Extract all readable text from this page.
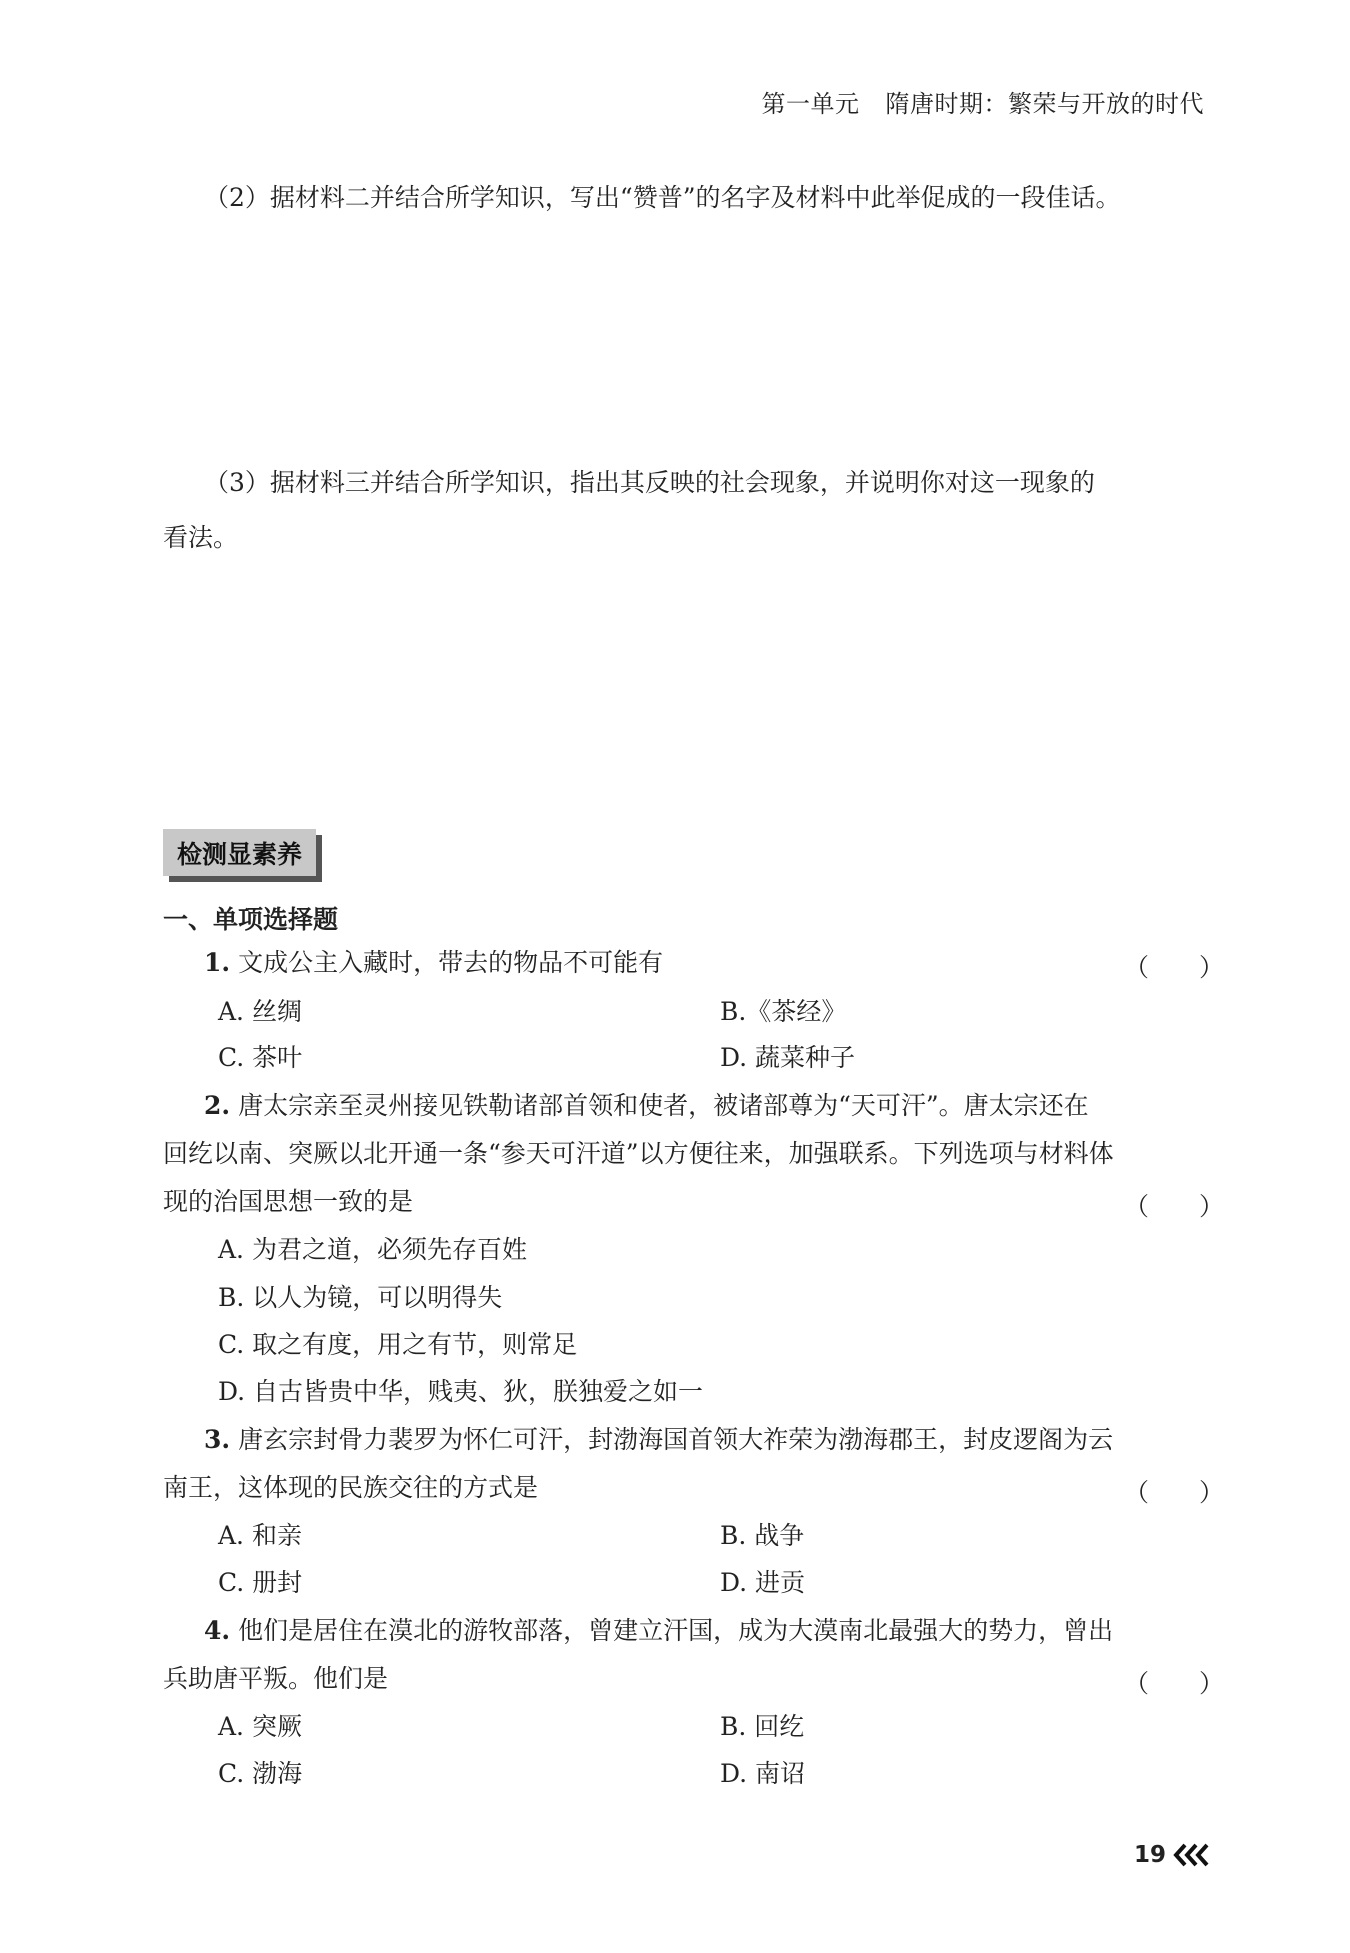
第一单元 隋唐时期：繁荣与开放的时代
（2）据材料二并结合所学知识，写出“赞普”的名字及材料中此举促成的一段佳话。
（3）据材料三并结合所学知识，指出其反映的社会现象，并说明你对这一现象的
看法。
检测显素养
一、单项选择题
1. 文成公主入藏时，带去的物品不可能有	（　　）
A. 丝绸	B.《茶经》
C. 茶叶	D. 蔬菜种子
2. 唐太宗亲至灵州接见铁勒诸部首领和使者，被诸部尊为“天可汗”。唐太宗还在
回纥以南、突厥以北开通一条“参天可汗道”以方便往来，加强联系。下列选项与材料体
现的治国思想一致的是	（　　）
A. 为君之道，必须先存百姓
B. 以人为镜，可以明得失
C. 取之有度，用之有节，则常足
D. 自古皆贵中华，贱夷、狄，朕独爱之如一
3. 唐玄宗封骨力裴罗为怀仁可汗，封渤海国首领大祚荣为渤海郡王，封皮逻阁为云
南王，这体现的民族交往的方式是	（　　）
A. 和亲	B. 战争
C. 册封	D. 进贡
4. 他们是居住在漠北的游牧部落，曾建立汗国，成为大漠南北最强大的势力，曾出
兵助唐平叛。他们是	（　　）
A. 突厥	B. 回纥
C. 渤海	D. 南诏
19
